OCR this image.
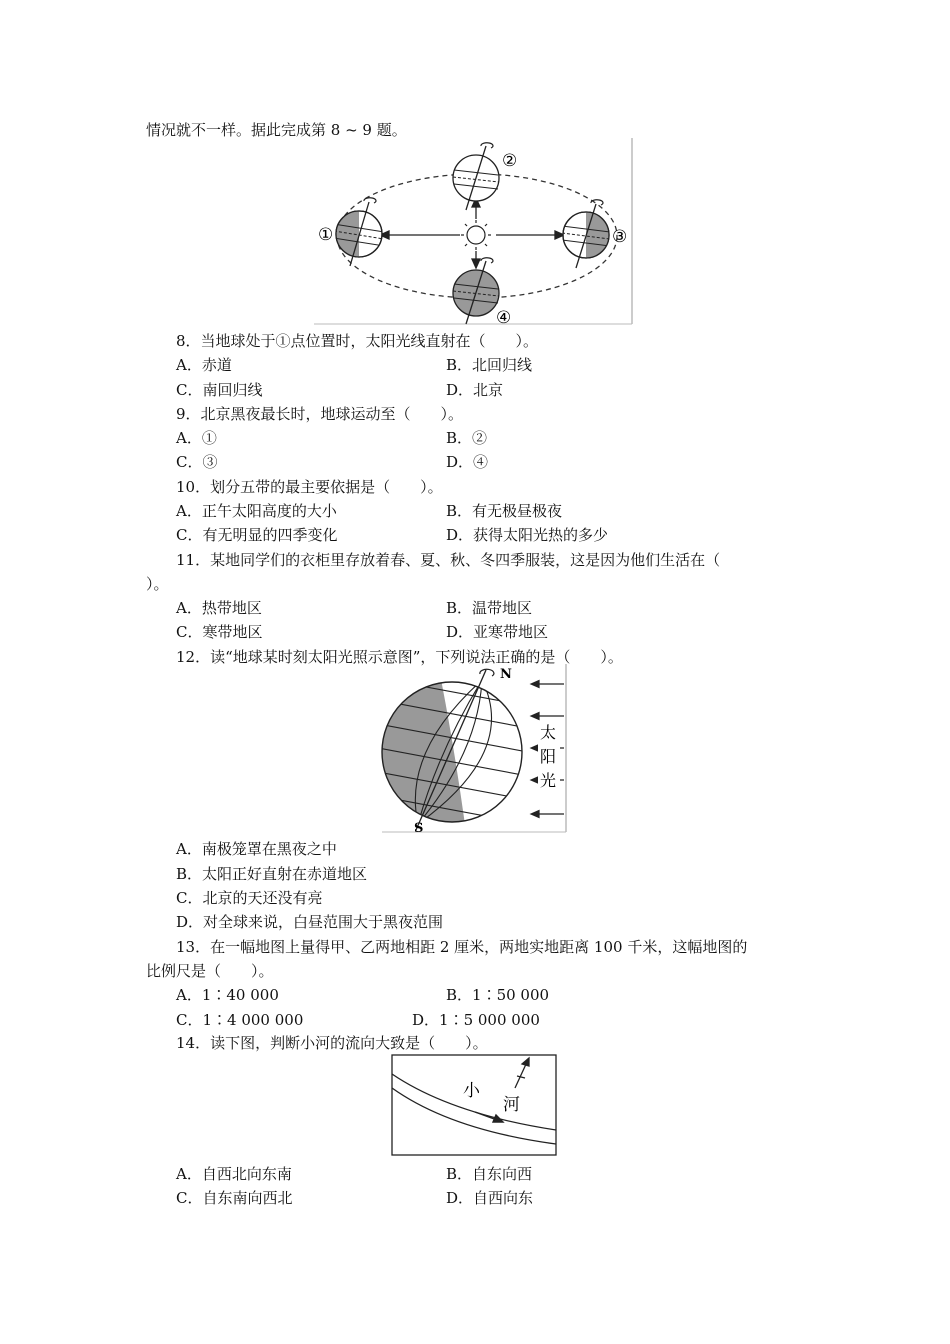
情况就不一样。据此完成第 8 ~ 9 题。
①
②
③
④
8．当地球处于①点位置时，太阳光线直射在（　　）。
A．赤道	B．北回归线
C．南回归线	D．北京
9．北京黑夜最长时，地球运动至（　　）。
A．①	B．②
C．③	D．④
10．划分五带的最主要依据是（　　）。
A．正午太阳高度的大小	B．有无极昼极夜
C．有无明显的四季变化	D．获得太阳光热的多少
11．某地同学们的衣柜里存放着春、夏、秋、冬四季服装，这是因为他们生活在（
）。
A．热带地区	B．温带地区
C．寒带地区	D．亚寒带地区
12．读“地球某时刻太阳光照示意图”，下列说法正确的是（　　）。
N
S
太
阳
光
A．南极笼罩在黑夜之中
B．太阳正好直射在赤道地区
C．北京的天还没有亮
D．对全球来说，白昼范围大于黑夜范围
13．在一幅地图上量得甲、乙两地相距 2 厘米，两地实地距离 100 千米，这幅地图的
比例尺是（　　）。
A．1∶40 000	B．1∶50 000
C．1∶4 000 000	D．1∶5 000 000
14．读下图，判断小河的流向大致是（　　）。
小
河
A．自西北向东南	B．自东向西
C．自东南向西北	D．自西向东
